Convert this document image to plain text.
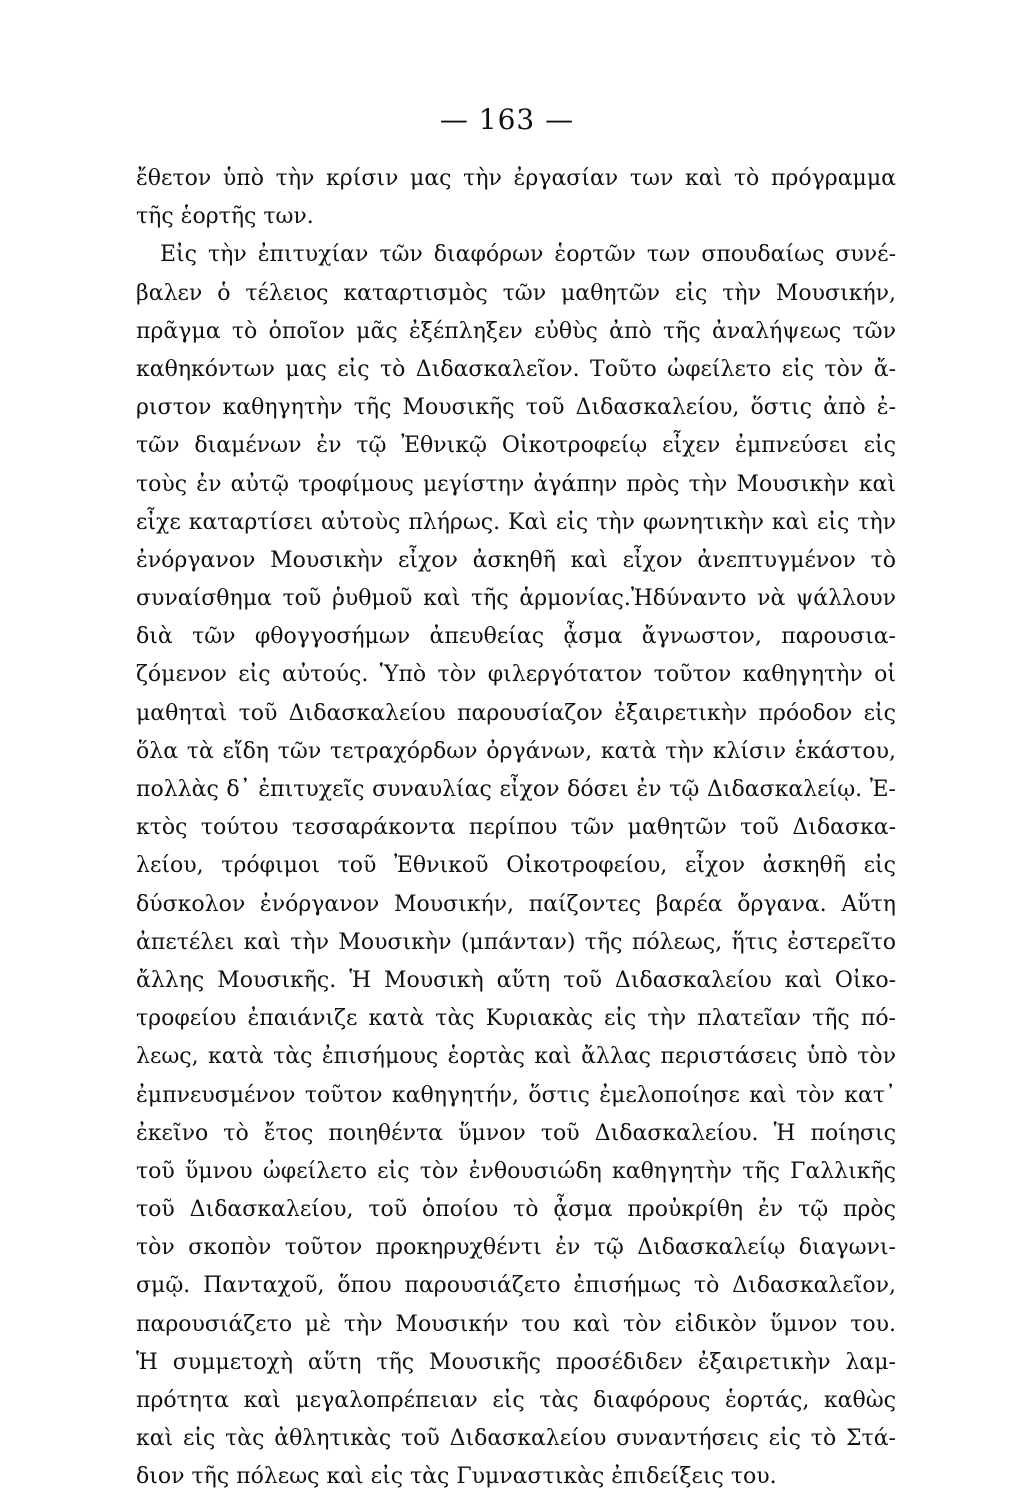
— 163 —
ἔθετον ὑπὸ τὴν κρίσιν μας τὴν ἐργασίαν των καὶ τὸ πρόγραμμα
τῆς ἑορτῆς των.
Εἰς τὴν ἐπιτυχίαν τῶν διαφόρων ἑορτῶν των σπουδαίως συνέ-
βαλεν ὁ τέλειος καταρτισμὸς τῶν μαθητῶν εἰς τὴν Μουσικήν,
πρᾶγμα τὸ ὁποῖον μᾶς ἐξέπληξεν εὐθὺς ἀπὸ τῆς ἀναλήψεως τῶν
καθηκόντων μας εἰς τὸ Διδασκαλεῖον. Τοῦτο ὠφείλετο εἰς τὸν ἄ-
ριστον καθηγητὴν τῆς Μουσικῆς τοῦ Διδασκαλείου, ὅστις ἀπὸ ἐ-
τῶν διαμένων ἐν τῷ Ἐθνικῷ Οἰκοτροφείῳ εἶχεν ἐμπνεύσει εἰς
τοὺς ἐν αὐτῷ τροφίμους μεγίστην ἀγάπην πρὸς τὴν Μουσικὴν καὶ
εἶχε καταρτίσει αὐτοὺς πλήρως. Καὶ εἰς τὴν φωνητικὴν καὶ εἰς τὴν
ἐνόργανον Μουσικὴν εἶχον ἀσκηθῆ καὶ εἶχον ἀνεπτυγμένον τὸ
συναίσθημα τοῦ ῥυθμοῦ καὶ τῆς ἁρμονίας.Ἠδύναντο νὰ ψάλλουν
διὰ τῶν φθογγοσήμων ἀπευθείας ᾆσμα ἄγνωστον, παρουσια-
ζόμενον εἰς αὐτούς. Ὑπὸ τὸν φιλεργότατον τοῦτον καθηγητὴν οἱ
μαθηταὶ τοῦ Διδασκαλείου παρουσίαζον ἐξαιρετικὴν πρόοδον εἰς
ὅλα τὰ εἴδη τῶν τετραχόρδων ὀργάνων, κατὰ τὴν κλίσιν ἑκάστου,
πολλὰς δ᾽ ἐπιτυχεῖς συναυλίας εἶχον δόσει ἐν τῷ Διδασκαλείῳ. Ἐ-
κτὸς τούτου τεσσαράκοντα περίπου τῶν μαθητῶν τοῦ Διδασκα-
λείου, τρόφιμοι τοῦ Ἐθνικοῦ Οἰκοτροφείου, εἶχον ἀσκηθῆ εἰς
δύσκολον ἐνόργανον Μουσικήν, παίζοντες βαρέα ὄργανα. Αὕτη
ἀπετέλει καὶ τὴν Μουσικὴν (μπάνταν) τῆς πόλεως, ἥτις ἐστερεῖτο
ἄλλης Μουσικῆς. Ἡ Μουσικὴ αὕτη τοῦ Διδασκαλείου καὶ Οἰκο-
τροφείου ἐπαιάνιζε κατὰ τὰς Κυριακὰς εἰς τὴν πλατεῖαν τῆς πό-
λεως, κατὰ τὰς ἐπισήμους ἑορτὰς καὶ ἄλλας περιστάσεις ὑπὸ τὸν
ἐμπνευσμένον τοῦτον καθηγητήν, ὅστις ἐμελοποίησε καὶ τὸν κατ᾽
ἐκεῖνο τὸ ἔτος ποιηθέντα ὕμνον τοῦ Διδασκαλείου. Ἡ ποίησις
τοῦ ὕμνου ὠφείλετο εἰς τὸν ἐνθουσιώδη καθηγητὴν τῆς Γαλλικῆς
τοῦ Διδασκαλείου, τοῦ ὁποίου τὸ ᾆσμα προὐκρίθη ἐν τῷ πρὸς
τὸν σκοπὸν τοῦτον προκηρυχθέντι ἐν τῷ Διδασκαλείῳ διαγωνι-
σμῷ. Πανταχοῦ, ὅπου παρουσιάζετο ἐπισήμως τὸ Διδασκαλεῖον,
παρουσιάζετο μὲ τὴν Μουσικήν του καὶ τὸν εἰδικὸν ὕμνον του.
Ἡ συμμετοχὴ αὕτη τῆς Μουσικῆς προσέδιδεν ἐξαιρετικὴν λαμ-
πρότητα καὶ μεγαλοπρέπειαν εἰς τὰς διαφόρους ἑορτάς, καθὼς
καὶ εἰς τὰς ἀθλητικὰς τοῦ Διδασκαλείου συναντήσεις εἰς τὸ Στά-
διον τῆς πόλεως καὶ εἰς τὰς Γυμναστικὰς ἐπιδείξεις του.
